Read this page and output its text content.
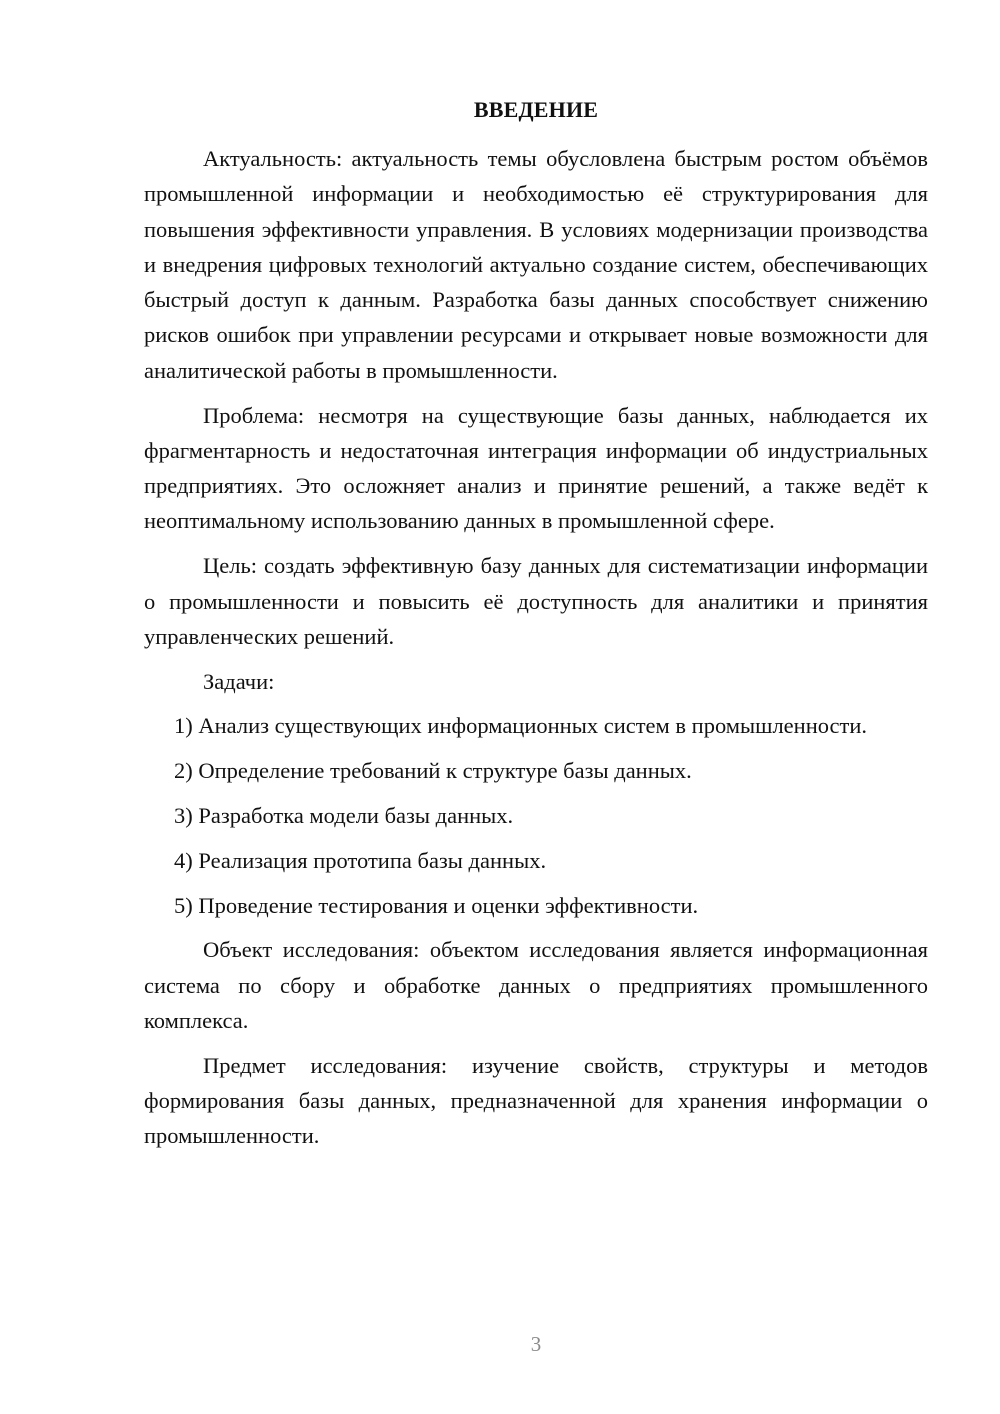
ВВЕДЕНИЕ

Актуальность: актуальность темы обусловлена быстрым ростом объёмов промышленной информации и необходимостью её структурирования для повышения эффективности управления. В условиях модернизации производства и внедрения цифровых технологий актуально создание систем, обеспечивающих быстрый доступ к данным. Разработка базы данных способствует снижению рисков ошибок при управлении ресурсами и открывает новые возможности для аналитической работы в промышленности.

Проблема: несмотря на существующие базы данных, наблюдается их фрагментарность и недостаточная интеграция информации об индустриальных предприятиях. Это осложняет анализ и принятие решений, а также ведёт к неоптимальному использованию данных в промышленной сфере.

Цель: создать эффективную базу данных для систематизации информации о промышленности и повысить её доступность для аналитики и принятия управленческих решений.

Задачи:

1) Анализ существующих информационных систем в промышленности.

2) Определение требований к структуре базы данных.

3) Разработка модели базы данных.

4) Реализация прототипа базы данных.

5) Проведение тестирования и оценки эффективности.

Объект исследования: объектом исследования является информационная система по сбору и обработке данных о предприятиях промышленного комплекса.

Предмет исследования: изучение свойств, структуры и методов формирования базы данных, предназначенной для хранения информации о промышленности.

3
